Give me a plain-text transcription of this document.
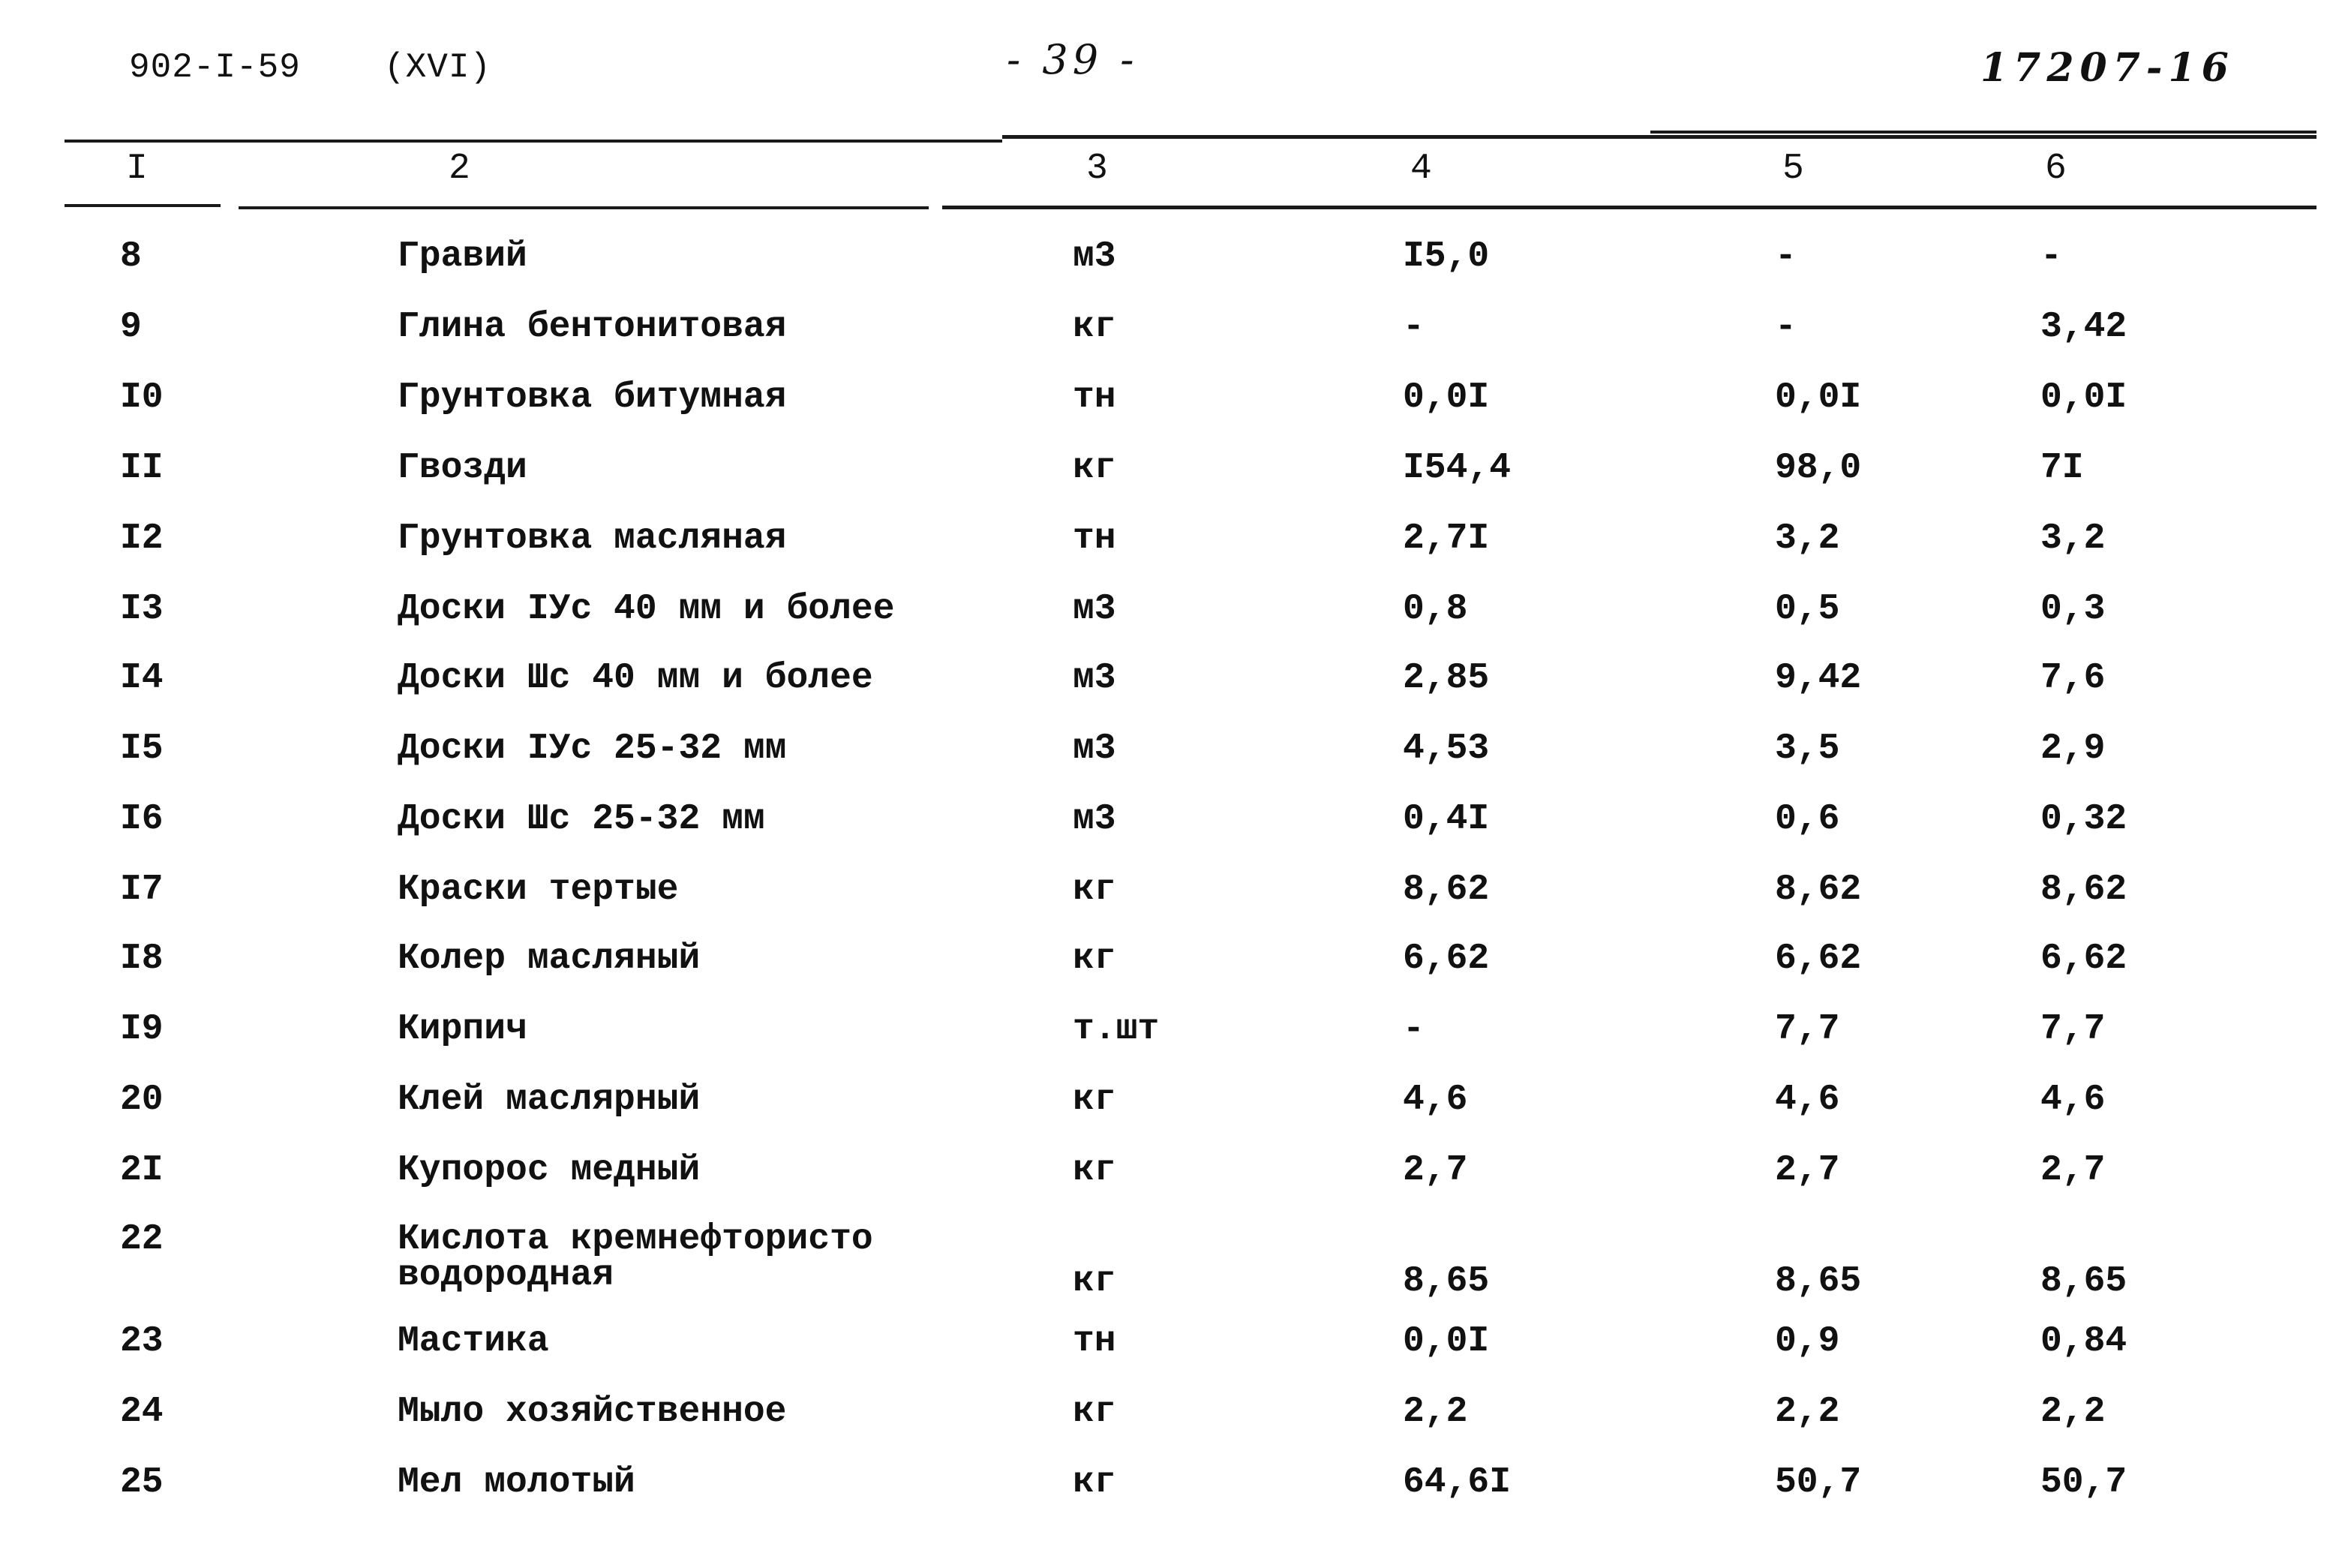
902-I-59 (XVI)	- 39 -	17207-16
I	2	3	4	5	6
8	Гравий	м3	I5,0	-	-
9	Глина бентонитовая	кг	-	-	3,42
I0	Грунтовка битумная	тн	0,0I	0,0I	0,0I
II	Гвозди	кг	I54,4	98,0	7I
I2	Грунтовка масляная	тн	2,7I	3,2	3,2
I3	Доски IУс 40 мм и более	м3	0,8	0,5	0,3
I4	Доски Шс 40 мм и более	м3	2,85	9,42	7,6
I5	Доски IУс 25-32 мм	м3	4,53	3,5	2,9
I6	Доски Шс 25-32 мм	м3	0,4I	0,6	0,32
I7	Краски тертые	кг	8,62	8,62	8,62
I8	Колер масляный	кг	6,62	6,62	6,62
I9	Кирпич	т.шт	-	7,7	7,7
20	Клей маслярный	кг	4,6	4,6	4,6
2I	Купорос медный	кг	2,7	2,7	2,7
22	Кислота кремнефтористо
водородная	кг	8,65	8,65	8,65
23	Мастика	тн	0,0I	0,9	0,84
24	Мыло хозяйственное	кг	2,2	2,2	2,2
25	Мел молотый	кг	64,6I	50,7	50,7
